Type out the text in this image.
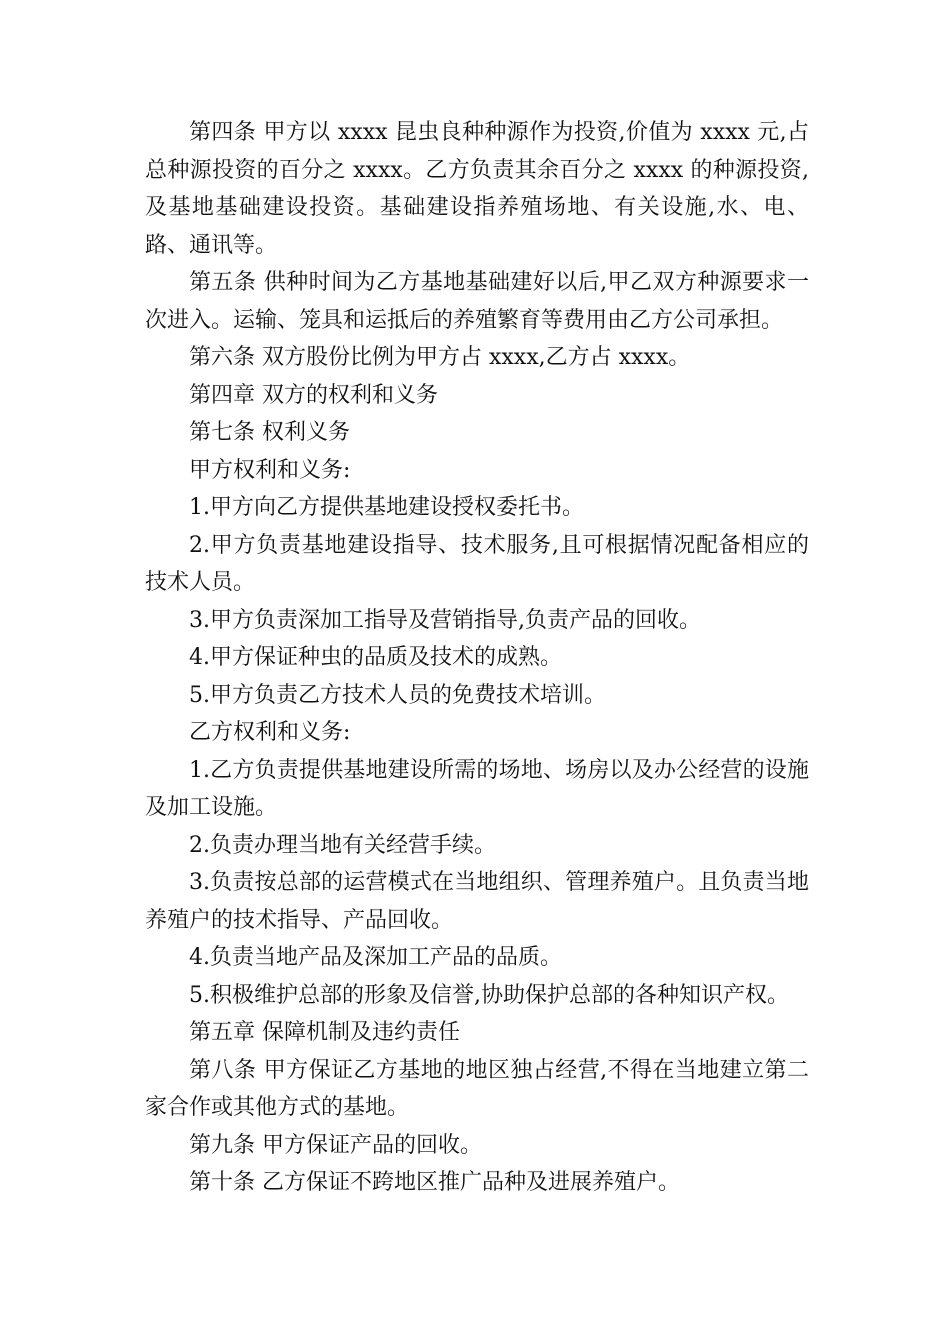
第四条 甲方以 xxxx 昆虫良种种源作为投资,价值为 xxxx 元,占总种源投资的百分之 xxxx。乙方负责其余百分之 xxxx 的种源投资,及基地基础建设投资。基础建设指养殖场地、有关设施,水、电、路、通讯等。

第五条 供种时间为乙方基地基础建好以后,甲乙双方种源要求一次进入。运输、笼具和运抵后的养殖繁育等费用由乙方公司承担。

第六条 双方股份比例为甲方占 xxxx,乙方占 xxxx。

第四章 双方的权利和义务

第七条 权利义务

甲方权利和义务:

1.甲方向乙方提供基地建设授权委托书。

2.甲方负责基地建设指导、技术服务,且可根据情况配备相应的技术人员。

3.甲方负责深加工指导及营销指导,负责产品的回收。

4.甲方保证种虫的品质及技术的成熟。

5.甲方负责乙方技术人员的免费技术培训。

乙方权利和义务:

1.乙方负责提供基地建设所需的场地、场房以及办公经营的设施及加工设施。

2.负责办理当地有关经营手续。

3.负责按总部的运营模式在当地组织、管理养殖户。且负责当地养殖户的技术指导、产品回收。

4.负责当地产品及深加工产品的品质。

5.积极维护总部的形象及信誉,协助保护总部的各种知识产权。

第五章 保障机制及违约责任

第八条 甲方保证乙方基地的地区独占经营,不得在当地建立第二家合作或其他方式的基地。

第九条 甲方保证产品的回收。

第十条 乙方保证不跨地区推广品种及进展养殖户。
